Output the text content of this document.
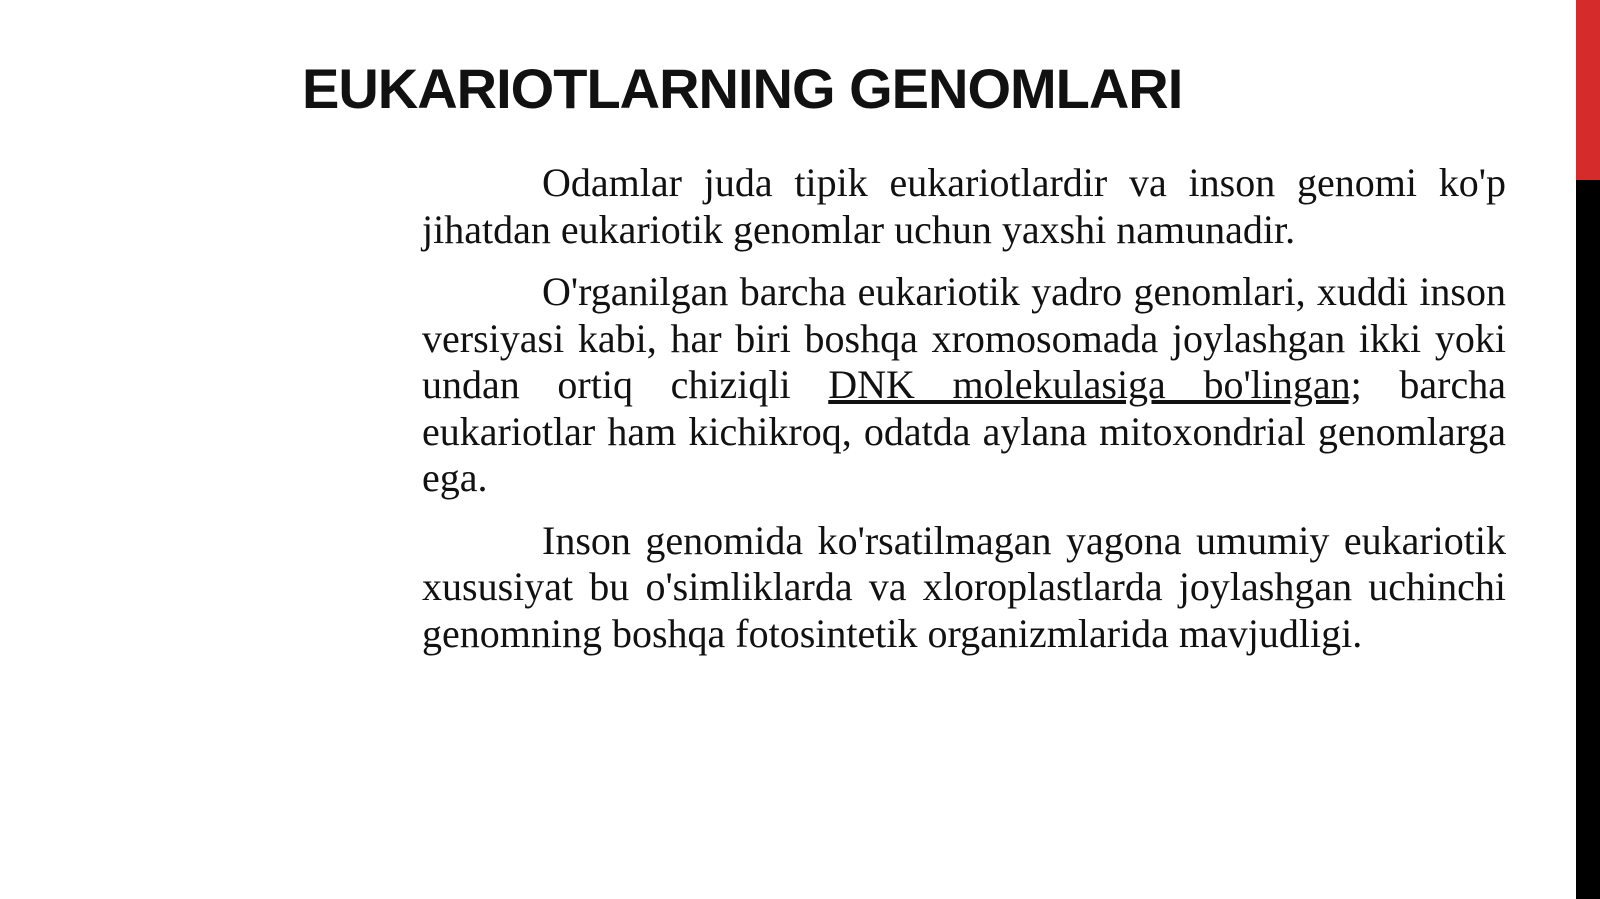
EUKARIOTLARNING GENOMLARI

Odamlar juda tipik eukariotlardir va inson genomi ko'p jihatdan eukariotik genomlar uchun yaxshi namunadir.

O'rganilgan barcha eukariotik yadro genomlari, xuddi inson versiyasi kabi, har biri boshqa xromosomada joylashgan ikki yoki undan ortiq chiziqli DNK molekulasiga bo'lingan; barcha eukariotlar ham kichikroq, odatda aylana mitoxondrial genomlarga ega.

Inson genomida ko'rsatilmagan yagona umumiy eukariotik xususiyat bu o'simliklarda va xloroplastlarda joylashgan uchinchi genomning boshqa fotosintetik organizmlarida mavjudligi.
